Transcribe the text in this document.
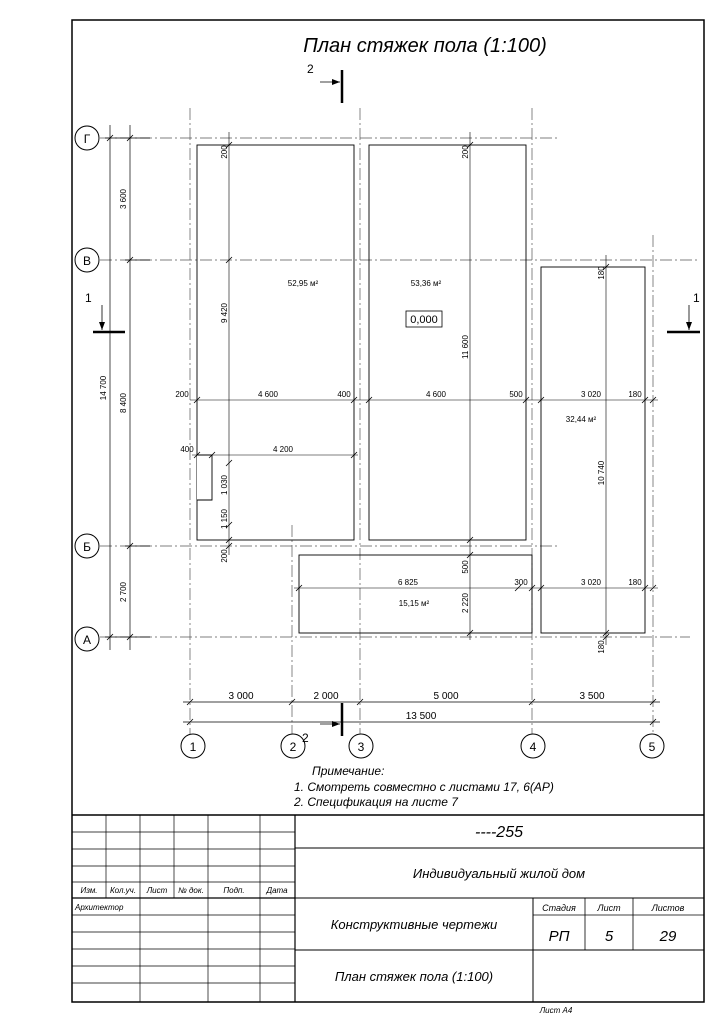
План стяжек пола (1:100)
Г
В
Б
А
1	2	3	4	5
2
2
1	1
14 700
3 600
8 400
2 700
3 000	2 000	5 000	3 500
13 500
200	4 600	400	4 600	500	3 020	180
400	4 200
6 825	300	3 020	180
200
9 420
1 030
1 150
200
200
11 600
500
2 220
180
10 740
180
52,95 м²	53,36 м²
32,44 м²
15,15 м²
0,000
Примечание:
1. Смотреть совместно с листами 17, 6(АР)
2. Спецификация на листе 7
Изм. Кол.уч. Лист № док. Подп.	Дата
Архитектор
----255
Индивидуальный жилой дом
Конструктивные чертежи
План стяжек пола (1:100)
Стадия Лист	Листов
РП 5	29
Лист А4
